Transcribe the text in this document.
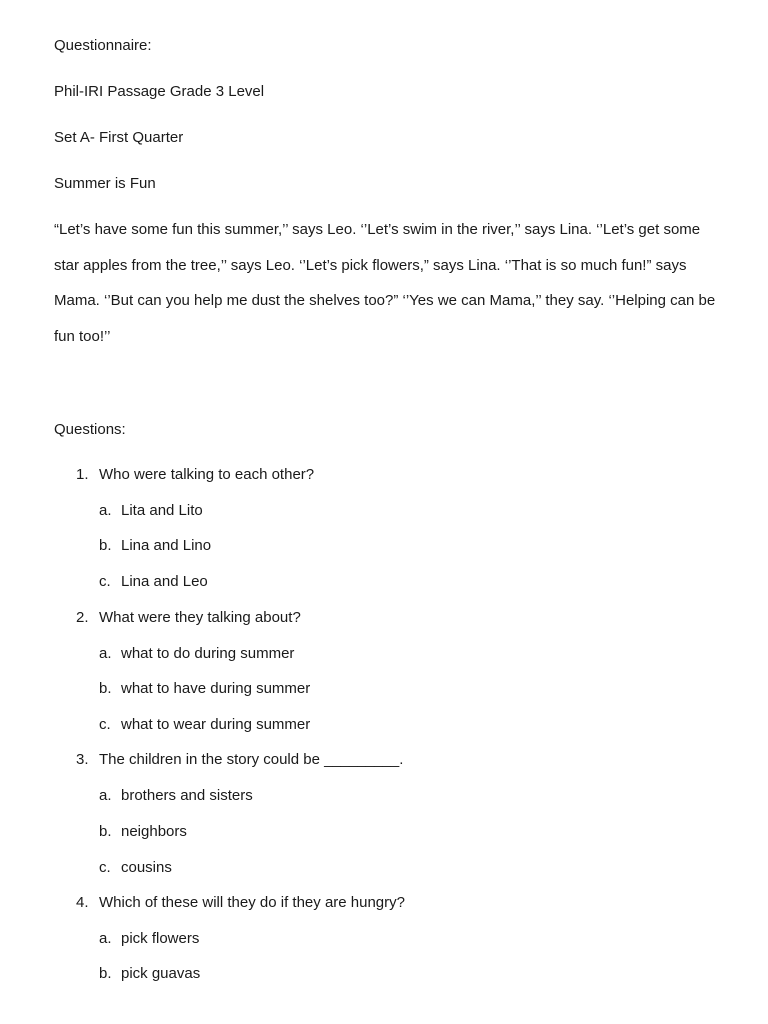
Questionnaire:
Phil-IRI Passage Grade 3 Level
Set A- First Quarter
Summer is Fun
“Let’s have some fun this summer,’’ says Leo. ‘’Let’s swim in the river,’’ says Lina. ‘’Let’s get some
star apples from the tree,’’ says Leo. ‘’Let’s pick flowers,” says Lina. ‘’That is so much fun!” says
Mama. ‘’But can you help me dust the shelves too?” ‘’Yes we can Mama,’’ they say. ‘’Helping can be
fun too!’’
Questions:
1. Who were talking to each other?
a. Lita and Lito
b. Lina and Lino
c. Lina and Leo
2. What were they talking about?
a. what to do during summer
b. what to have during summer
c. what to wear during summer
3. The children in the story could be _________.
a. brothers and sisters
b. neighbors
c. cousins
4. Which of these will they do if they are hungry?
a. pick flowers
b. pick guavas
